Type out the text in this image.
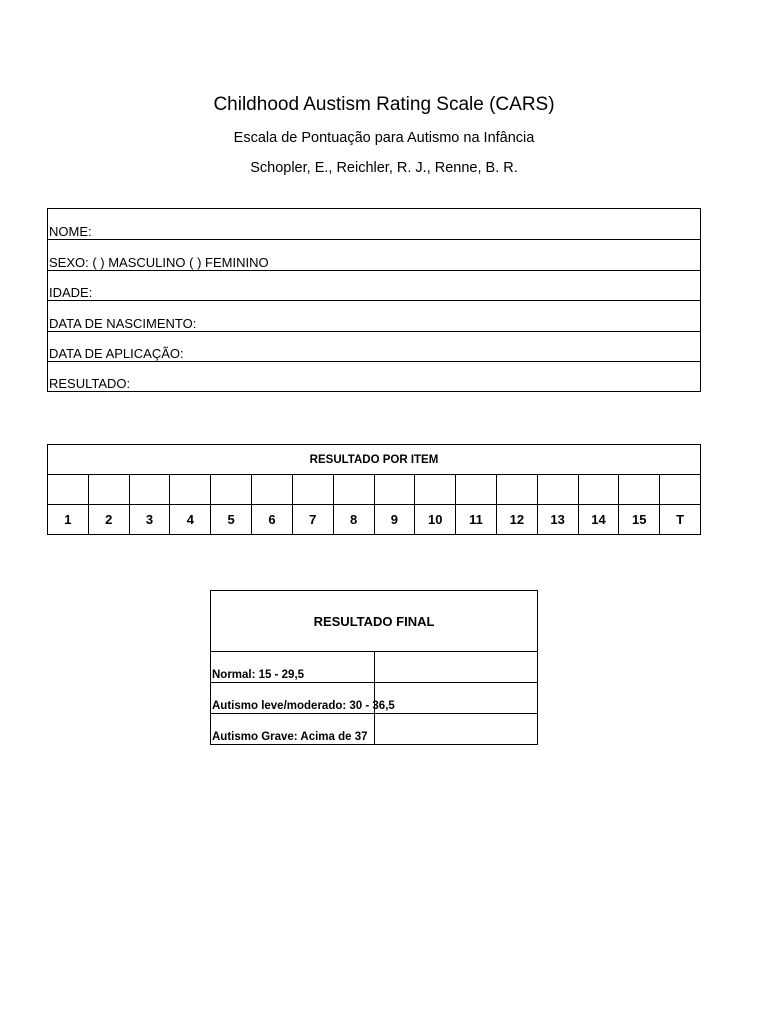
Childhood Austism Rating Scale (CARS)
Escala de Pontuação para Autismo na Infância
Schopler, E., Reichler, R. J., Renne, B. R.
NOME:
SEXO: ( ) MASCULINO ( ) FEMININO
IDADE:
DATA DE NASCIMENTO:
DATA DE APLICAÇÃO:
RESULTADO:
RESULTADO POR ITEM															

1	2	3	4	5	6	7	8	9	10	11	12	13	14	15	T
RESULTADO FINAL	
Normal: 15 - 29,5	
Autismo leve/moderado: 30 - 36,5	
Autismo Grave: Acima de 37	
